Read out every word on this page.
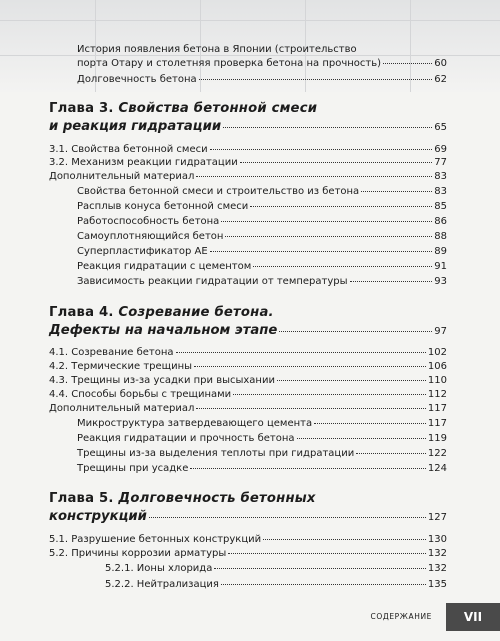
История появления бетона в Японии (строительство
порта Отару и столетняя проверка бетона на прочность)	60
Долговечность бетона	62
Глава 3. Свойства бетонной смеси
и реакция гидратации	65
3.1. Свойства бетонной смеси	69
3.2. Механизм реакции гидратации	77
Дополнительный материал	83
Свойства бетонной смеси и строительство из бетона	83
Расплыв конуса бетонной смеси	85
Работоспособность бетона	86
Самоуплотняющийся бетон	88
Суперпластификатор AE	89
Реакция гидратации с цементом	91
Зависимость реакции гидратации от температуры	93
Глава 4. Созревание бетона.
Дефекты на начальном этапе	97
4.1. Созревание бетона	102
4.2. Термические трещины	106
4.3. Трещины из-за усадки при высыхании	110
4.4. Способы борьбы с трещинами	112
Дополнительный материал	117
Микроструктура затвердевающего цемента	117
Реакция гидратации и прочность бетона	119
Трещины из-за выделения теплоты при гидратации	122
Трещины при усадке	124
Глава 5. Долговечность бетонных
конструкций	127
5.1. Разрушение бетонных конструкций	130
5.2. Причины коррозии арматуры	132
5.2.1. Ионы хлорида	132
5.2.2. Нейтрализация	135
СОДЕРЖАНИЕ	VII
